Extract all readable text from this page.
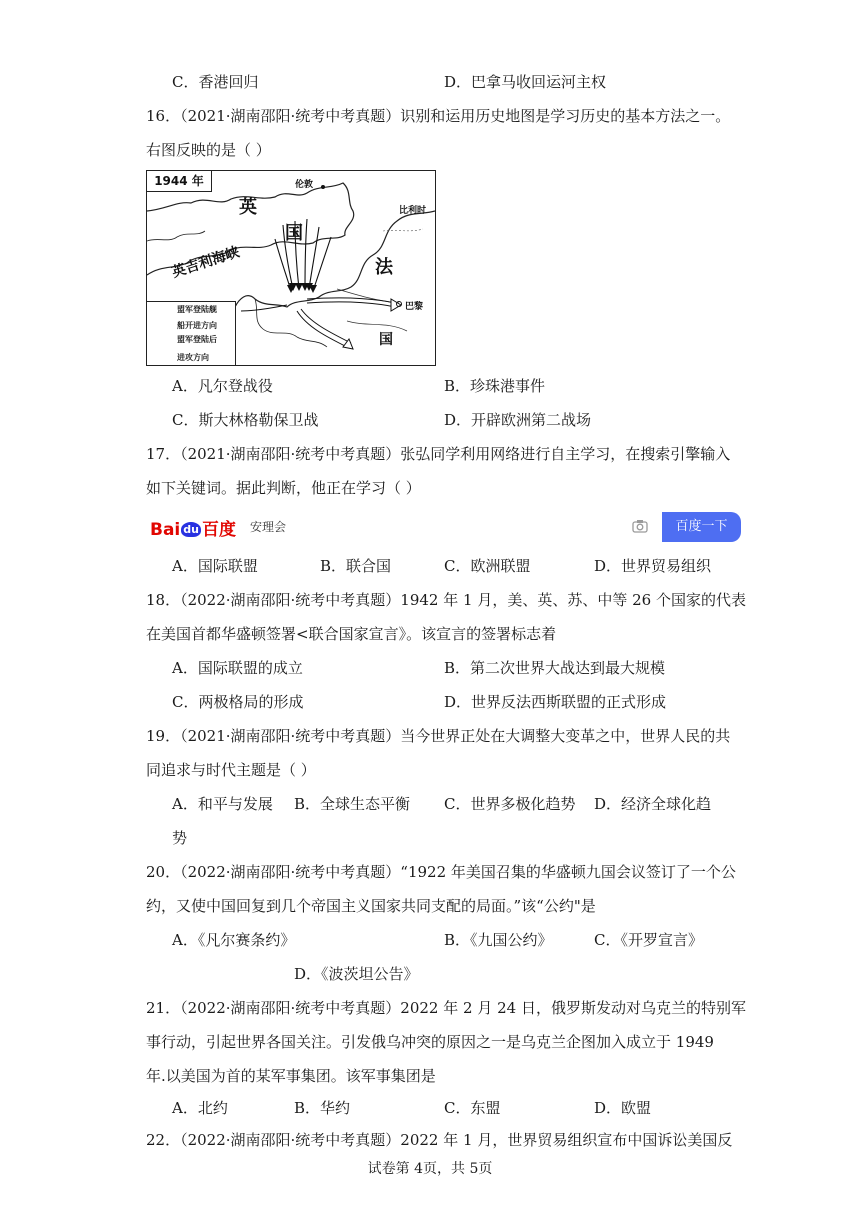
C．香港回归	D．巴拿马收回运河主权
16．（2021·湖南邵阳·统考中考真题）识别和运用历史地图是学习历史的基本方法之一。
右图反映的是（ ）
1944 年
英
国
伦敦
比利时
法
国
英吉利海峡
巴黎
盟军登陆舰
船开进方向
盟军登陆后
进攻方向
A．凡尔登战役	B．珍珠港事件
C．斯大林格勒保卫战	D．开辟欧洲第二战场
17．（2021·湖南邵阳·统考中考真题）张弘同学利用网络进行自主学习，在搜索引擎输入
如下关键词。据此判断，他正在学习（ ）
Bai du 百度 安理会	百度一下
A．国际联盟	B．联合国	C．欧洲联盟	D．世界贸易组织
18．（2022·湖南邵阳·统考中考真题）1942 年 1 月，美、英、苏、中等 26 个国家的代表
在美国首都华盛顿签署<联合国家宣言》。该宣言的签署标志着
A．国际联盟的成立	B．第二次世界大战达到最大规模
C．两极格局的形成	D．世界反法西斯联盟的正式形成
19．（2021·湖南邵阳·统考中考真题）当今世界正处在大调整大变革之中，世界人民的共
同追求与时代主题是（ ）
A．和平与发展 B．全球生态平衡 C．世界多极化趋势 D．经济全球化趋
势
20．（2022·湖南邵阳·统考中考真题）“1922 年美国召集的华盛顿九国会议签订了一个公
约，又使中国回复到几个帝国主义国家共同支配的局面。”该“公约"是
A．《凡尔赛条约》	B．《九国公约》	C．《开罗宣言》
D．《波茨坦公告》
21．（2022·湖南邵阳·统考中考真题）2022 年 2 月 24 日，俄罗斯发动对乌克兰的特别军
事行动，引起世界各国关注。引发俄乌冲突的原因之一是乌克兰企图加入成立于 1949
年.以美国为首的某军事集团。该军事集团是
A．北约	B．华约	C．东盟	D．欧盟
22．（2022·湖南邵阳·统考中考真题）2022 年 1 月，世界贸易组织宣布中国诉讼美国反
试卷第 4页，共 5页
